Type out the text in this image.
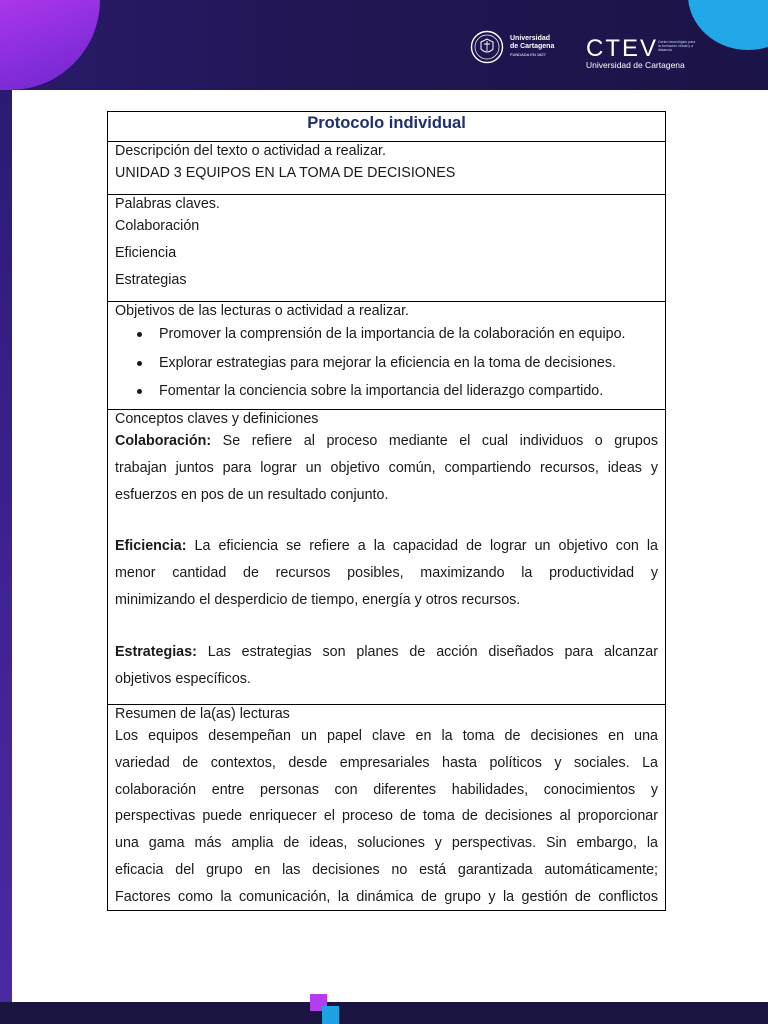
Universidad
de Cartagena
FUNDADA EN 1827	CTEV
Universidad de Cartagena
Centro tecnológico para la formación virtual y a distancia
Protocolo individual
Descripción del texto o actividad a realizar.
UNIDAD 3 EQUIPOS EN LA TOMA DE DECISIONES
Palabras claves.
Colaboración
Eficiencia
Estrategias
Objetivos de las lecturas o actividad a realizar.
Promover la comprensión de la importancia de la colaboración en equipo.
Explorar estrategias para mejorar la eficiencia en la toma de decisiones.
Fomentar la conciencia sobre la importancia del liderazgo compartido.
Conceptos claves y definiciones
Colaboración: Se refiere al proceso mediante el cual individuos o grupos
trabajan juntos para lograr un objetivo común, compartiendo recursos, ideas y
esfuerzos en pos de un resultado conjunto.
Eficiencia: La eficiencia se refiere a la capacidad de lograr un objetivo con la
menor cantidad de recursos posibles, maximizando la productividad y
minimizando el desperdicio de tiempo, energía y otros recursos.
Estrategias: Las estrategias son planes de acción diseñados para alcanzar
objetivos específicos.
Resumen de la(as) lecturas
Los equipos desempeñan un papel clave en la toma de decisiones en una
variedad de contextos, desde empresariales hasta políticos y sociales. La
colaboración entre personas con diferentes habilidades, conocimientos y
perspectivas puede enriquecer el proceso de toma de decisiones al proporcionar
una gama más amplia de ideas, soluciones y perspectivas. Sin embargo, la
eficacia del grupo en las decisiones no está garantizada automáticamente;
Factores como la comunicación, la dinámica de grupo y la gestión de conflictos
